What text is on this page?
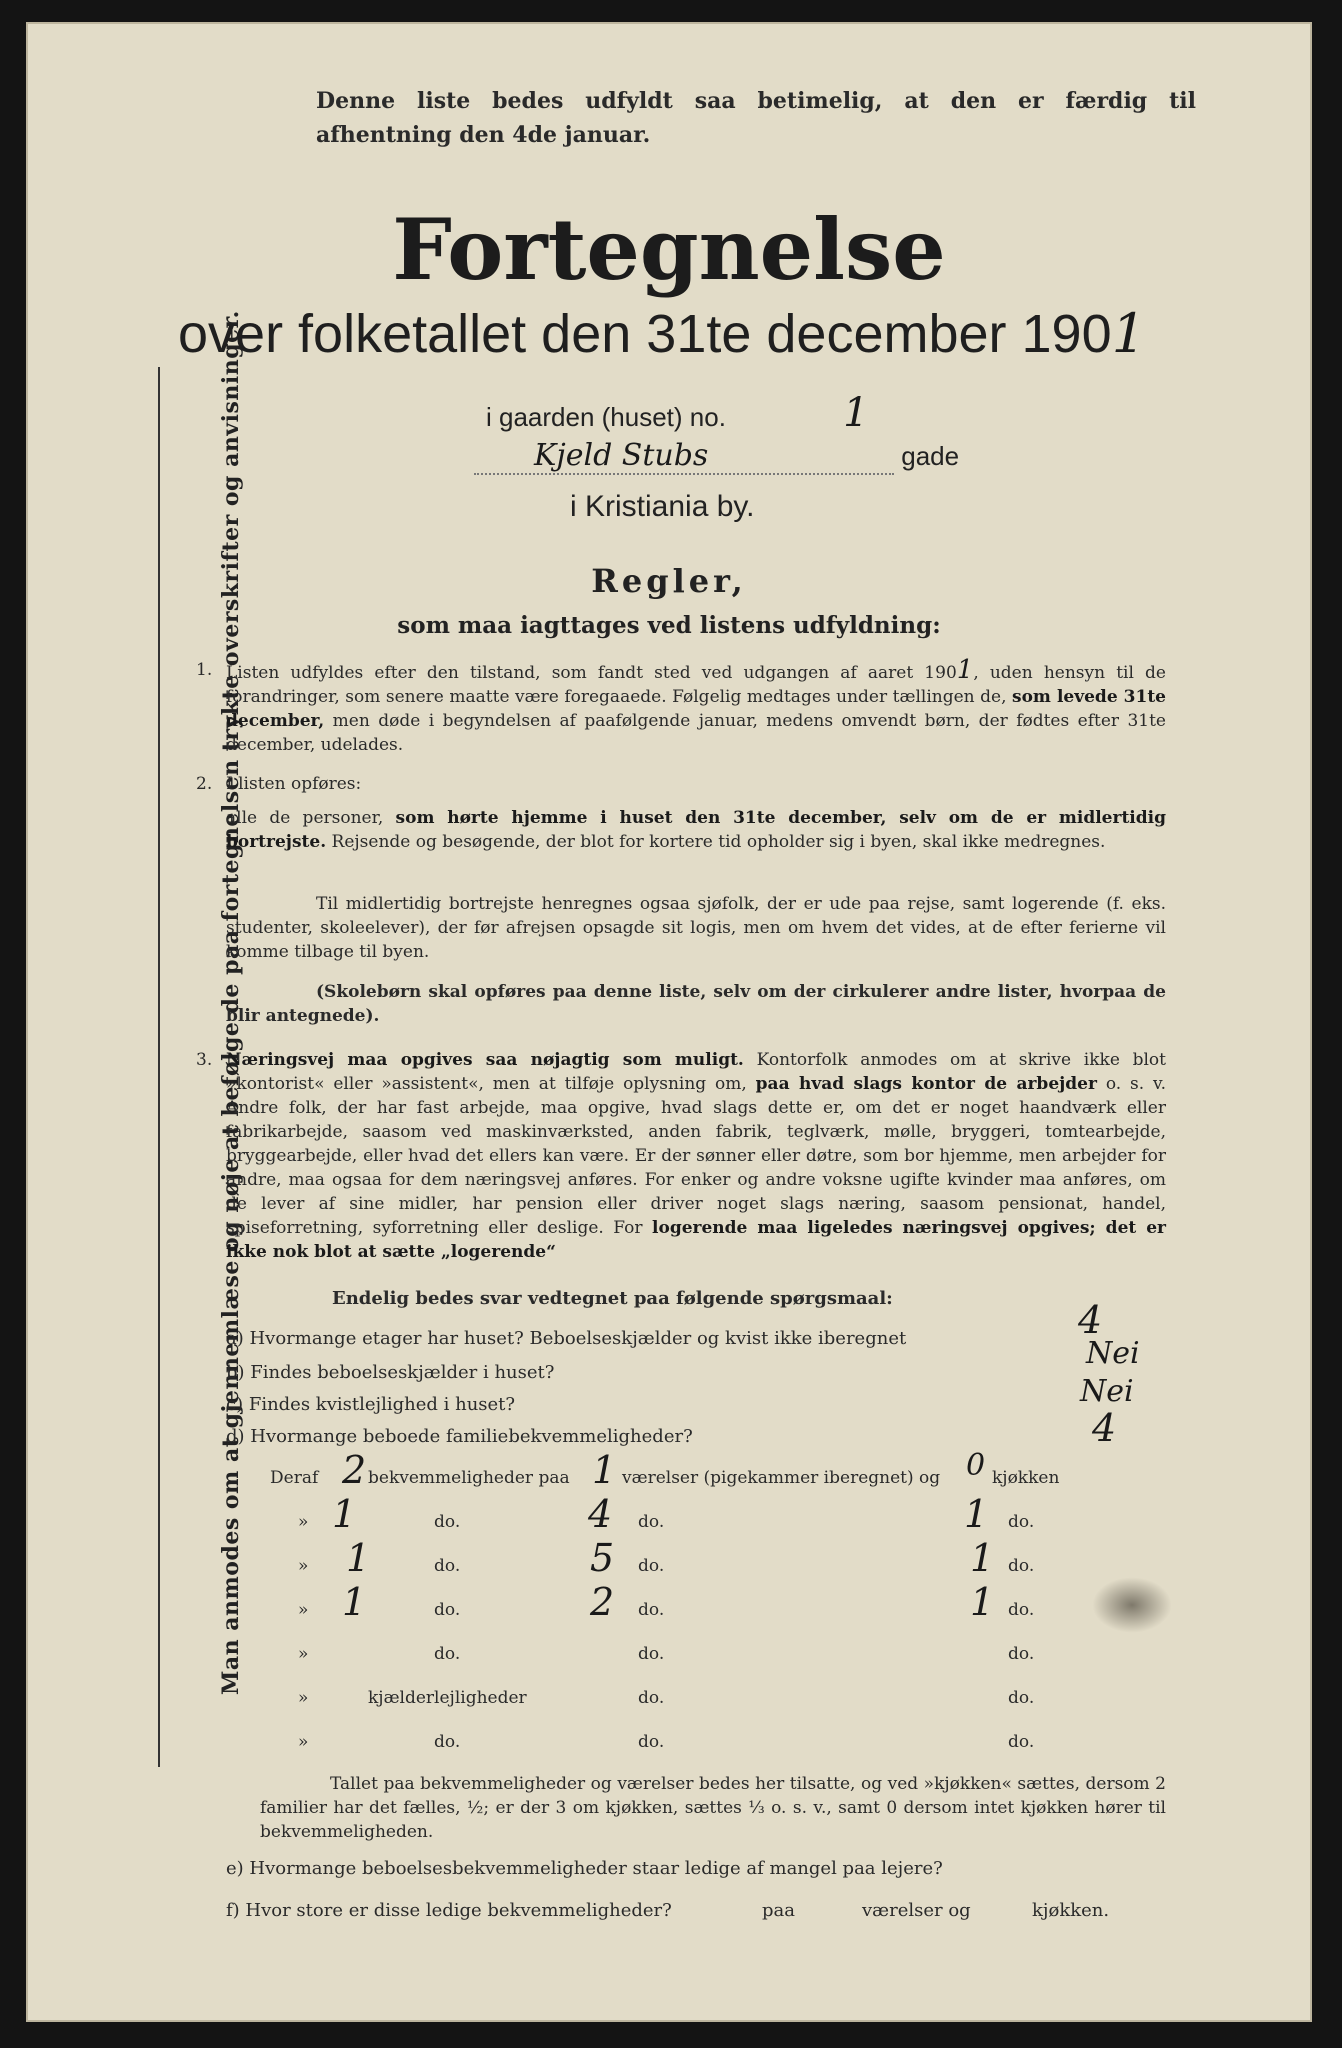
Man anmodes om at gjennemlæse og nøje at befølge de paa fortegnelsen trykte overskrifter og anvisninger.
Denne liste bedes udfyldt saa betimelig, at den er færdig til afhentning den 4de januar.
Fortegnelse
over folketallet den 31te december 1901
i gaarden (huset) no.	1
Kjeld Stubs	gade
i Kristiania by.
Regler,
som maa iagttages ved listens udfyldning:
1. Listen udfyldes efter den tilstand, som fandt sted ved udgangen af aaret 1901, uden hensyn til de forandringer, som senere maatte være foregaaede. Følgelig medtages under tællingen de, som levede 31te december, men døde i begyndelsen af paafølgende januar, medens omvendt børn, der fødtes efter 31te december, udelades.
2. I listen opføres:
alle de personer, som hørte hjemme i huset den 31te december, selv om de er midlertidig bortrejste. Rejsende og besøgende, der blot for kortere tid opholder sig i byen, skal ikke medregnes.
Til midlertidig bortrejste henregnes ogsaa sjøfolk, der er ude paa rejse, samt logerende (f. eks. studenter, skoleelever), der før afrejsen opsagde sit logis, men om hvem det vides, at de efter ferierne vil komme tilbage til byen.
(Skolebørn skal opføres paa denne liste, selv om der cirkulerer andre lister, hvorpaa de blir antegnede).
3. Næringsvej maa opgives saa nøjagtig som muligt. Kontorfolk anmodes om at skrive ikke blot »kontorist« eller »assistent«, men at tilføje oplysning om, paa hvad slags kontor de arbejder o. s. v. Andre folk, der har fast arbejde, maa opgive, hvad slags dette er, om det er noget haandværk eller fabrikarbejde, saasom ved maskinværksted, anden fabrik, teglværk, mølle, bryggeri, tomtearbejde, bryggearbejde, eller hvad det ellers kan være. Er der sønner eller døtre, som bor hjemme, men arbejder for andre, maa ogsaa for dem næringsvej anføres. For enker og andre voksne ugifte kvinder maa anføres, om de lever af sine midler, har pension eller driver noget slags næring, saasom pensionat, handel, spiseforretning, syforretning eller deslige. For logerende maa ligeledes næringsvej opgives; det er ikke nok blot at sætte „logerende“
Endelig bedes svar vedtegnet paa følgende spørgsmaal:
a) Hvormange etager har huset? Beboelseskjælder og kvist ikke iberegnet
b) Findes beboelseskjælder i huset?
c) Findes kvistlejlighed i huset?
d) Hvormange beboede familiebekvemmeligheder?
4
Nei
Nei
4
Deraf 2 bekvemmeligheder paa 1 værelser (pigekammer iberegnet) og 0 kjøkken
» 1	do.	4 do.	1 do.
» 1	do.	5 do.	1 do.
» 1	do.	2 do.	1 do.
»	do.	do.	do.
»	kjælderlejligheder	do.	do.
»	do.	do.	do.
Tallet paa bekvemmeligheder og værelser bedes her tilsatte, og ved »kjøkken« sættes, dersom 2 familier har det fælles, ½; er der 3 om kjøkken, sættes ⅓ o. s. v., samt 0 dersom intet kjøkken hører til bekvemmeligheden.
e) Hvormange beboelsesbekvemmeligheder staar ledige af mangel paa lejere?
f) Hvor store er disse ledige bekvemmeligheder?	paa	værelser og	kjøkken.
